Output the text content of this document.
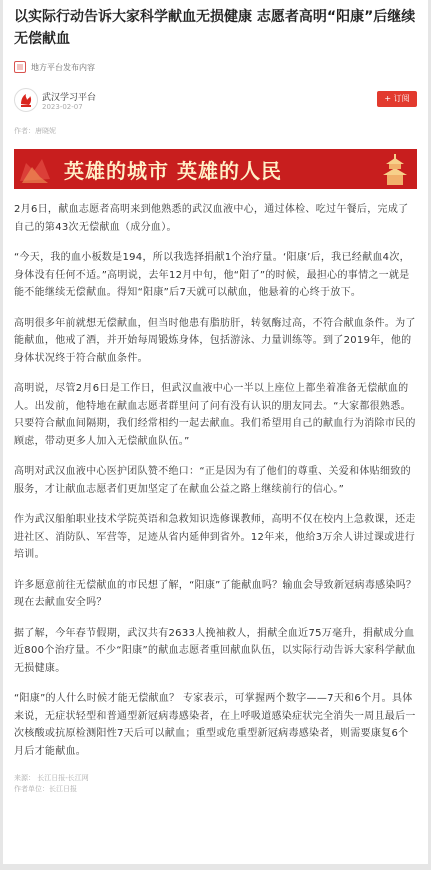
以实际行动告诉大家科学献血无损健康 志愿者高明“阳康”后继续无偿献血
地方平台发布内容
武汉学习平台
2023-02-07
+ 订阅
作者：唐晓妮
英雄的城市 英雄的人民

2月6日，献血志愿者高明来到他熟悉的武汉血液中心，通过体检、吃过午餐后，完成了自己的第43次无偿献血（成分血）。

“今天，我的血小板数是194，所以我选择捐献1个治疗量。‘阳康’后，我已经献血4次，身体没有任何不适。”高明说，去年12月中旬，他“阳了”的时候，最担心的事情之一就是能不能继续无偿献血。得知“阳康”后7天就可以献血，他悬着的心终于放下。

高明很多年前就想无偿献血，但当时他患有脂肪肝，转氨酶过高，不符合献血条件。为了能献血，他戒了酒，并开始每周锻炼身体，包括游泳、力量训练等。到了2019年，他的身体状况终于符合献血条件。

高明说，尽管2月6日是工作日，但武汉血液中心一半以上座位上都坐着准备无偿献血的人。出发前，他特地在献血志愿者群里问了问有没有认识的朋友同去。“大家都很熟悉。只要符合献血间隔期，我们经常相约一起去献血。我们希望用自己的献血行为消除市民的顾虑，带动更多人加入无偿献血队伍。”

高明对武汉血液中心医护团队赞不绝口：“正是因为有了他们的尊重、关爱和体贴细致的服务，才让献血志愿者们更加坚定了在献血公益之路上继续前行的信心。”

作为武汉船舶职业技术学院英语和急救知识选修课教师，高明不仅在校内上急救课，还走进社区、消防队、军营等，足迹从省内延伸到省外。12年来，他给3万余人讲过课或进行培训。

许多愿意前往无偿献血的市民想了解，“阳康”了能献血吗？输血会导致新冠病毒感染吗？现在去献血安全吗？

据了解，今年春节假期，武汉共有2633人挽袖救人，捐献全血近75万毫升，捐献成分血近800个治疗量。不少“阳康”的献血志愿者重回献血队伍，以实际行动告诉大家科学献血无损健康。

“阳康”的人什么时候才能无偿献血？ 专家表示，可掌握两个数字——7天和6个月。具体来说，无症状轻型和普通型新冠病毒感染者，在上呼吸道感染症状完全消失一周且最后一次核酸或抗原检测阳性7天后可以献血；重型或危重型新冠病毒感染者，则需要康复6个月后才能献血。

来源： 长江日报-长江网
作者单位：长江日报
